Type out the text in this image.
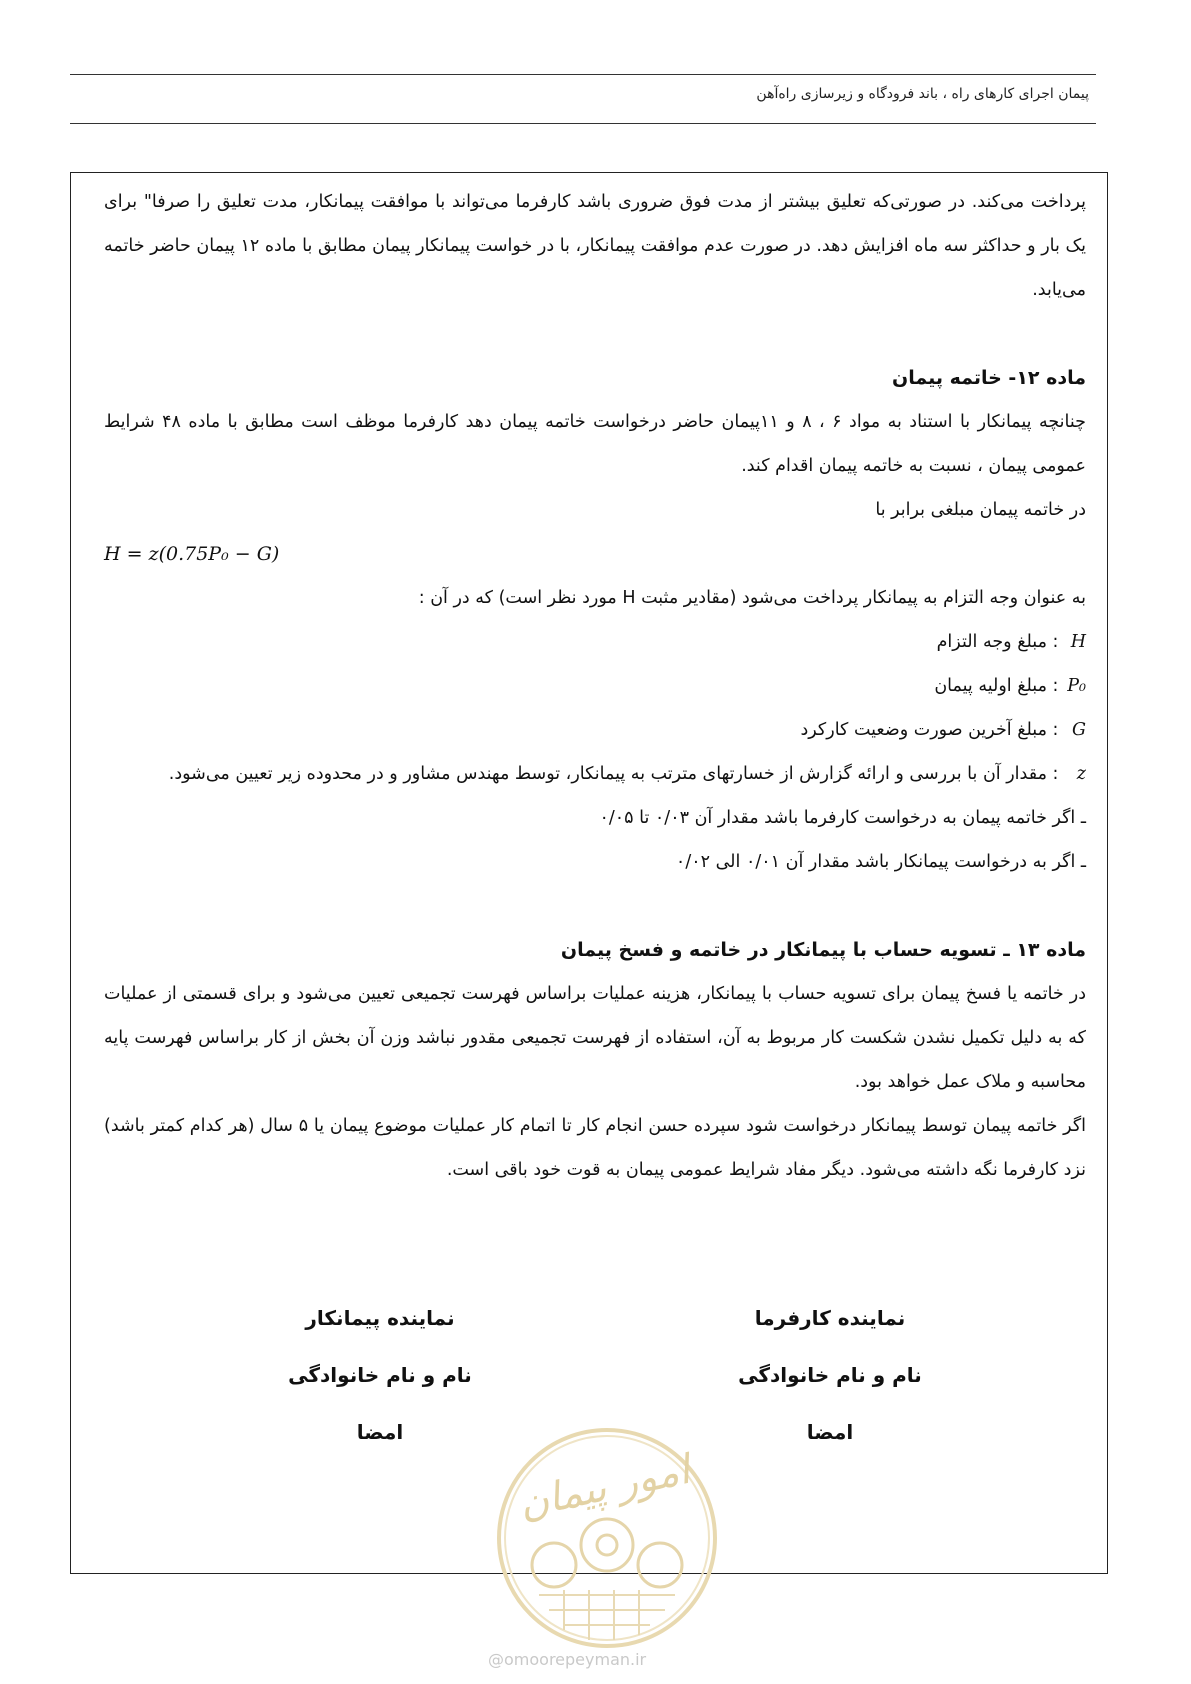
پیمان اجرای کارهای راه ، باند فرودگاه و زیرسازی راه‌آهن

پرداخت می‌کند. در صورتی‌که تعلیق بیشتر از مدت فوق ضروری باشد کارفرما می‌تواند با موافقت پیمانکار، مدت تعلیق را صرفا" برای یک بار و حداکثر سه ماه افزایش دهد. در صورت عدم موافقت پیمانکار، با در خواست پیمانکار پیمان مطابق با ماده ۱۲ پیمان حاضر خاتمه می‌یابد.

ماده ۱۲- خاتمه پیمان

چنانچه پیمانکار با استناد به مواد ۶ ، ۸ و ۱۱پیمان حاضر درخواست خاتمه پیمان دهد کارفرما موظف است مطابق با ماده ۴۸ شرایط عمومی پیمان ، نسبت به خاتمه پیمان اقدام کند.

در خاتمه پیمان مبلغی برابر با

H = z(0.75P₀ − G)

به عنوان وجه التزام به پیمانکار پرداخت می‌شود (مقادیر مثبت H مورد نظر است) که در آن :

H : مبلغ وجه التزام

P₀ : مبلغ اولیه پیمان

G : مبلغ آخرین صورت وضعیت کارکرد

z : مقدار آن با بررسی و ارائه گزارش از خسارتهای مترتب به پیمانکار، توسط مهندس مشاور و در محدوده زیر تعیین می‌شود.

ـ اگر خاتمه پیمان به درخواست کارفرما باشد مقدار آن ۰/۰۳ تا ۰/۰۵

ـ اگر به درخواست پیمانکار باشد مقدار آن ۰/۰۱ الی ۰/۰۲

ماده ۱۳ ـ تسویه حساب با پیمانکار در خاتمه و فسخ پیمان

در خاتمه یا فسخ پیمان برای تسویه حساب با پیمانکار، هزینه عملیات براساس فهرست تجمیعی تعیین می‌شود و برای قسمتی از عملیات که به دلیل تکمیل نشدن شکست کار مربوط به آن، استفاده از فهرست تجمیعی مقدور نباشد وزن آن بخش از کار براساس فهرست پایه محاسبه و ملاک عمل خواهد بود.

اگر خاتمه پیمان توسط پیمانکار درخواست شود سپرده حسن انجام کار تا اتمام کار عملیات موضوع پیمان یا ۵ سال (هر کدام کمتر باشد) نزد کارفرما نگه داشته می‌شود. دیگر مفاد شرایط عمومی پیمان به قوت خود باقی است.

نماینده کارفرما
نام و نام خانوادگی
امضا
نماینده پیمانکار
نام و نام خانوادگی
امضا
امور پیمان
@omoorepeyman.ir
